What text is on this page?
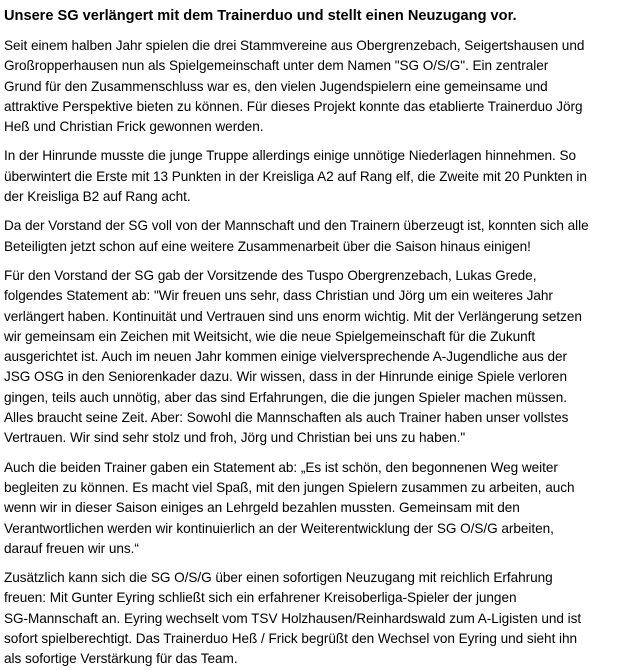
Unsere SG verlängert mit dem Trainerduo und stellt einen Neuzugang vor.

Seit einem halben Jahr spielen die drei Stammvereine aus Obergrenzebach, Seigertshausen und
Großropperhausen nun als Spielgemeinschaft unter dem Namen "SG O/S/G". Ein zentraler
Grund für den Zusammenschluss war es, den vielen Jugendspielern eine gemeinsame und
attraktive Perspektive bieten zu können. Für dieses Projekt konnte das etablierte Trainerduo Jörg
Heß und Christian Frick gewonnen werden.

In der Hinrunde musste die junge Truppe allerdings einige unnötige Niederlagen hinnehmen. So
überwintert die Erste mit 13 Punkten in der Kreisliga A2 auf Rang elf, die Zweite mit 20 Punkten in
der Kreisliga B2 auf Rang acht.

Da der Vorstand der SG voll von der Mannschaft und den Trainern überzeugt ist, konnten sich alle
Beteiligten jetzt schon auf eine weitere Zusammenarbeit über die Saison hinaus einigen!

Für den Vorstand der SG gab der Vorsitzende des Tuspo Obergrenzebach, Lukas Grede,
folgendes Statement ab: "Wir freuen uns sehr, dass Christian und Jörg um ein weiteres Jahr
verlängert haben. Kontinuität und Vertrauen sind uns enorm wichtig. Mit der Verlängerung setzen
wir gemeinsam ein Zeichen mit Weitsicht, wie die neue Spielgemeinschaft für die Zukunft
ausgerichtet ist. Auch im neuen Jahr kommen einige vielversprechende A-Jugendliche aus der
JSG OSG in den Seniorenkader dazu. Wir wissen, dass in der Hinrunde einige Spiele verloren
gingen, teils auch unnötig, aber das sind Erfahrungen, die die jungen Spieler machen müssen.
Alles braucht seine Zeit. Aber: Sowohl die Mannschaften als auch Trainer haben unser vollstes
Vertrauen. Wir sind sehr stolz und froh, Jörg und Christian bei uns zu haben."

Auch die beiden Trainer gaben ein Statement ab: „Es ist schön, den begonnenen Weg weiter
begleiten zu können. Es macht viel Spaß, mit den jungen Spielern zusammen zu arbeiten, auch
wenn wir in dieser Saison einiges an Lehrgeld bezahlen mussten. Gemeinsam mit den
Verantwortlichen werden wir kontinuierlich an der Weiterentwicklung der SG O/S/G arbeiten,
darauf freuen wir uns.“

Zusätzlich kann sich die SG O/S/G über einen sofortigen Neuzugang mit reichlich Erfahrung
freuen: Mit Gunter Eyring schließt sich ein erfahrener Kreisoberliga-Spieler der jungen
SG-Mannschaft an. Eyring wechselt vom TSV Holzhausen/Reinhardswald zum A-Ligisten und ist
sofort spielberechtigt. Das Trainerduo Heß / Frick begrüßt den Wechsel von Eyring und sieht ihn
als sofortige Verstärkung für das Team.
